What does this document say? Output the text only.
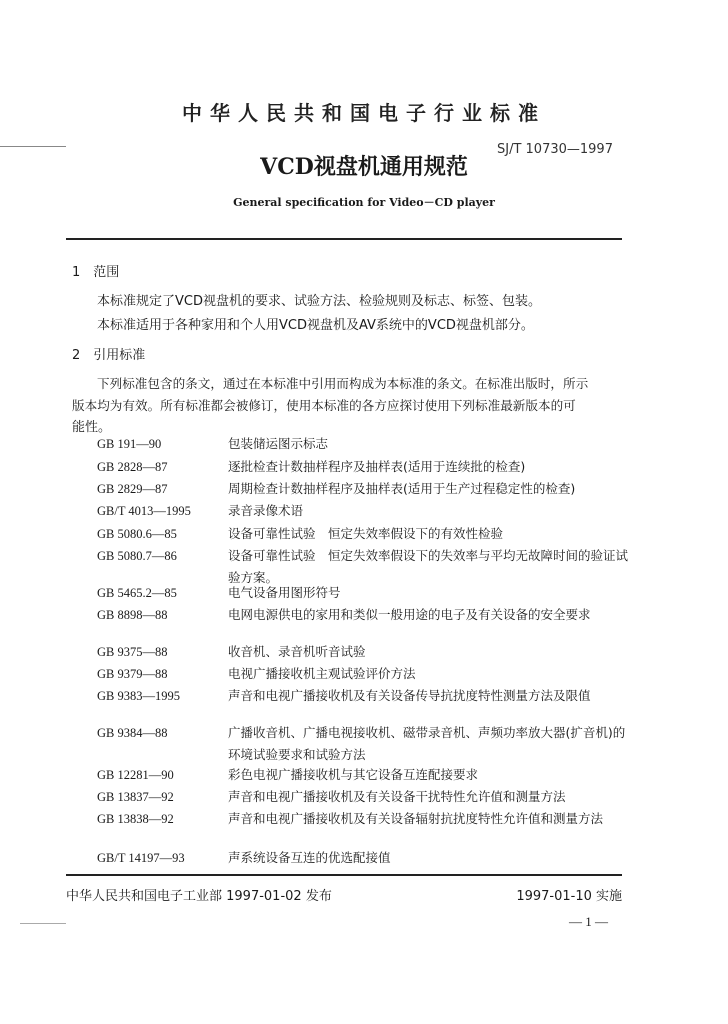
中华人民共和国电子行业标准
SJ/T 10730—1997
VCD视盘机通用规范
General specification for Video－CD player
1　范围
本标准规定了VCD视盘机的要求、试验方法、检验规则及标志、标签、包装。
本标准适用于各种家用和个人用VCD视盘机及AV系统中的VCD视盘机部分。
2　引用标准
下列标准包含的条文，通过在本标准中引用而构成为本标准的条文。在标准出版时，所示
版本均为有效。所有标准都会被修订，使用本标准的各方应探讨使用下列标准最新版本的可
能性。
GB 191—90	包装储运图示标志
GB 2828—87	逐批检查计数抽样程序及抽样表(适用于连续批的检查)
GB 2829—87	周期检查计数抽样程序及抽样表(适用于生产过程稳定性的检查)
GB/T 4013—1995	录音录像术语
GB 5080.6—85	设备可靠性试验　恒定失效率假设下的有效性检验
GB 5080.7—86	设备可靠性试验　恒定失效率假设下的失效率与平均无故障时间的验证试验方案。
GB 5465.2—85	电气设备用图形符号
GB 8898—88	电网电源供电的家用和类似一般用途的电子及有关设备的安全要求
GB 9375—88	收音机、录音机听音试验
GB 9379—88	电视广播接收机主观试验评价方法
GB 9383—1995	声音和电视广播接收机及有关设备传导抗扰度特性测量方法及限值
GB 9384—88	广播收音机、广播电视接收机、磁带录音机、声频功率放大器(扩音机)的环境试验要求和试验方法
GB 12281—90	彩色电视广播接收机与其它设备互连配接要求
GB 13837—92	声音和电视广播接收机及有关设备干扰特性允许值和测量方法
GB 13838—92	声音和电视广播接收机及有关设备辐射抗扰度特性允许值和测量方法
GB/T 14197—93	声系统设备互连的优选配接值
中华人民共和国电子工业部 1997-01-02 发布	1997-01-10 实施
— 1 —
